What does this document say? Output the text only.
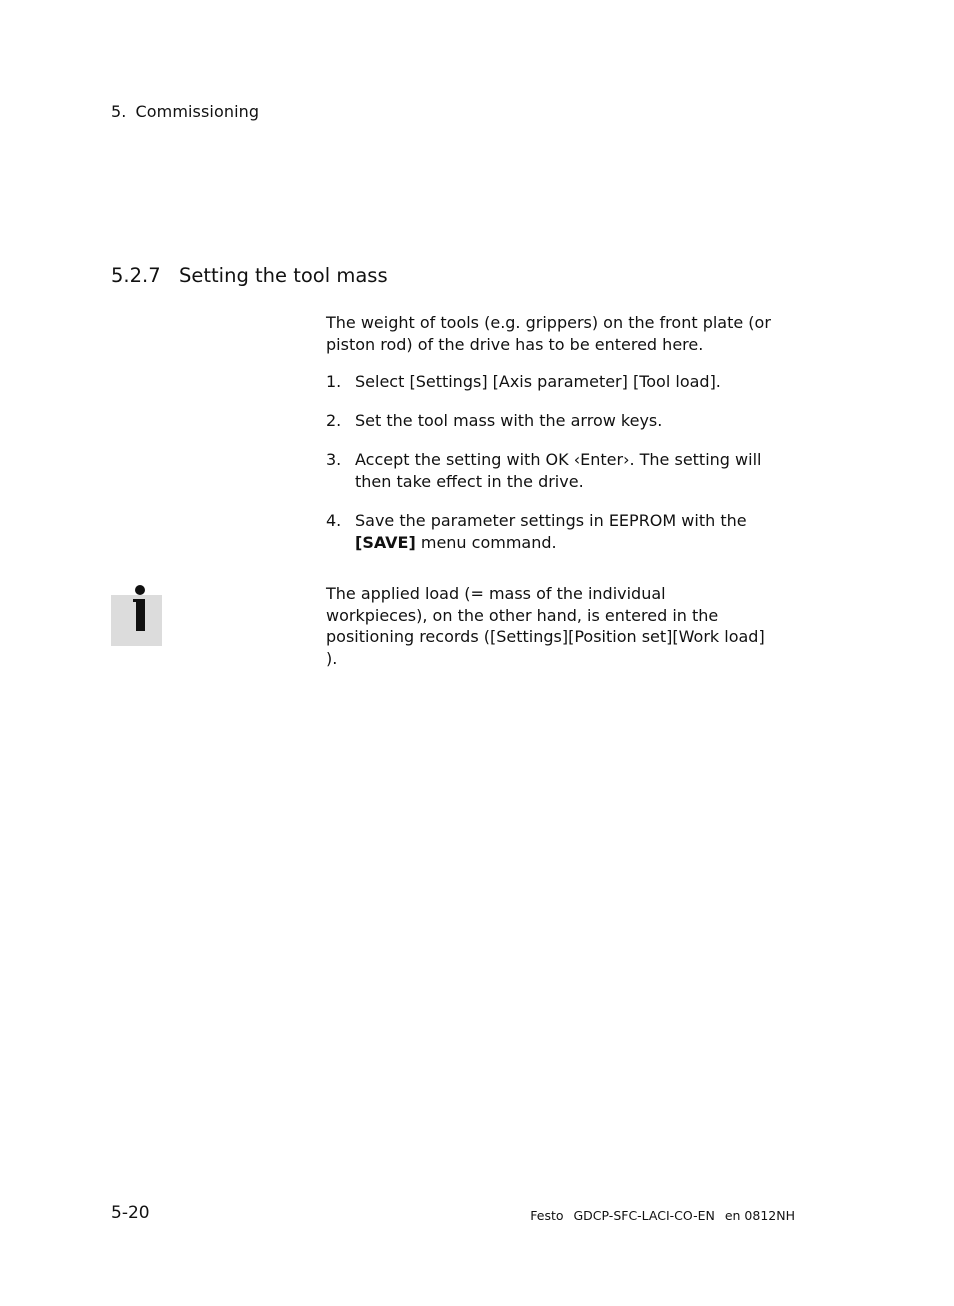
5. Commissioning
5.2.7 Setting the tool mass
The weight of tools (e.g. grippers) on the front plate (or piston rod) of the drive has to be entered here.
1. Select [Settings] [Axis parameter] [Tool load].
2. Set the tool mass with the arrow keys.
3. Accept the setting with OK ‹Enter›. The setting will then take effect in the drive.
4. Save the parameter settings in EEPROM with the [SAVE] menu command.
The applied load (= mass of the individual workpieces), on the other hand, is entered in the positioning records ([Settings][Position set][Work load] ).
5-20	Festo GDCP-SFC-LACI-CO-EN en 0812NH
